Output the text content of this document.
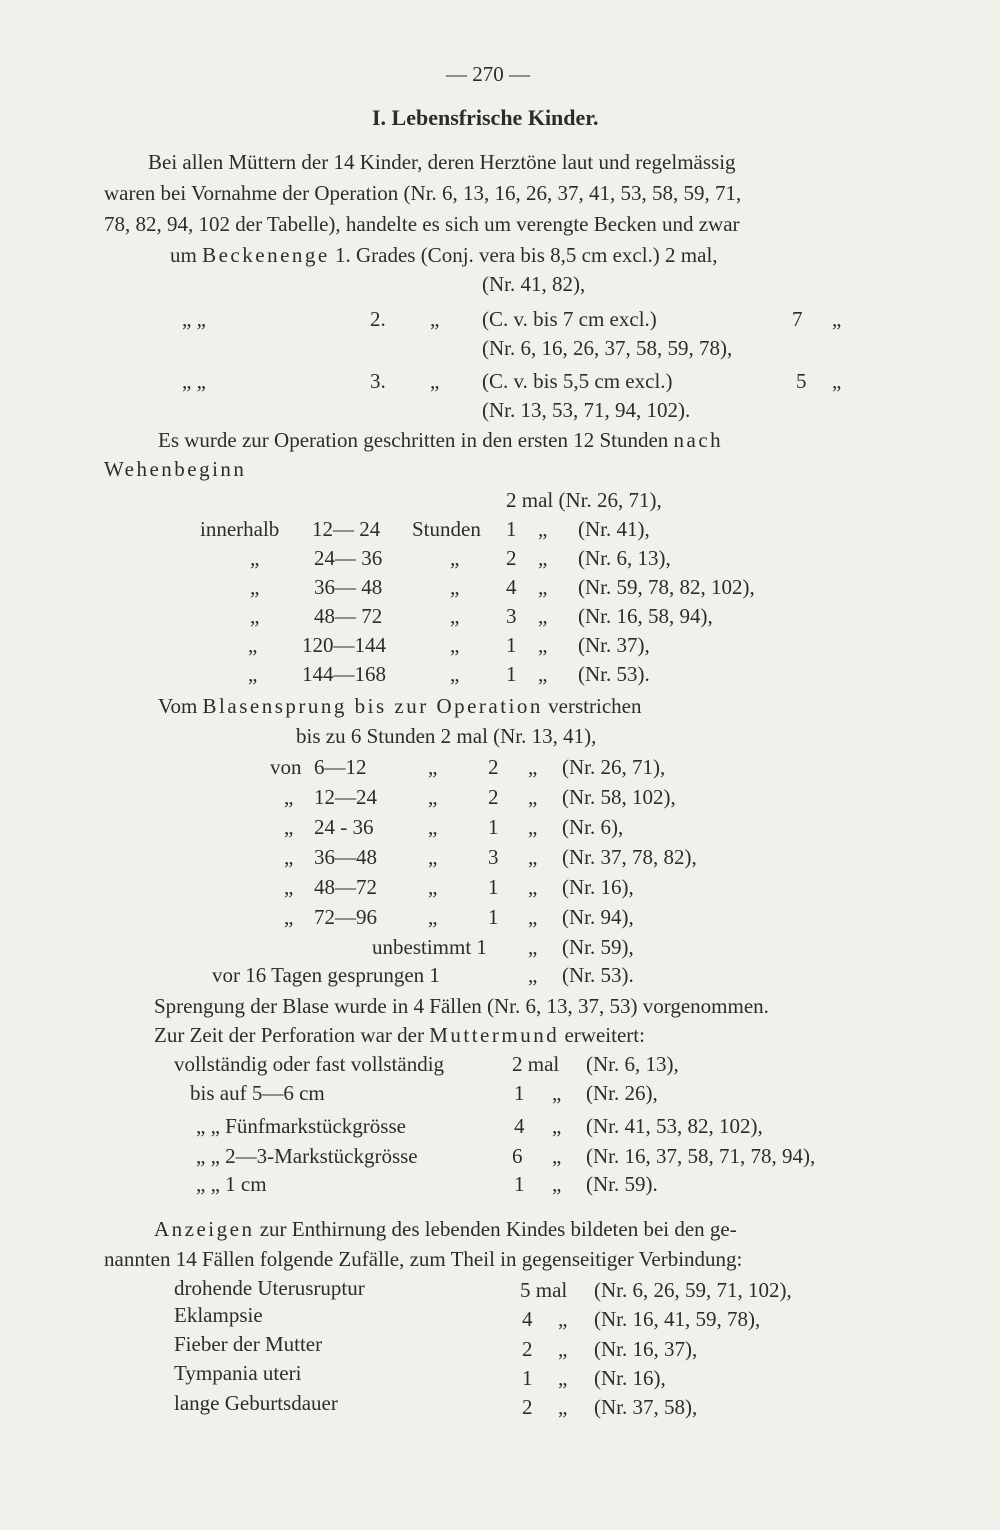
— 270 —
I. Lebensfrische Kinder.
Bei allen Müttern der 14 Kinder, deren Herztöne laut und regelmässig
waren bei Vornahme der Operation (Nr. 6, 13, 16, 26, 37, 41, 53, 58, 59, 71,
78, 82, 94, 102 der Tabelle), handelte es sich um verengte Becken und zwar
um Beckenenge 1. Grades (Conj. vera bis 8,5 cm excl.) 2 mal,
(Nr. 41, 82),
„ „	2. „ (C. v. bis 7 cm excl.)	7 „
(Nr. 6, 16, 26, 37, 58, 59, 78),
„ „	3. „ (C. v. bis 5,5 cm excl.)	5 „
(Nr. 13, 53, 71, 94, 102).
Es wurde zur Operation geschritten in den ersten 12 Stunden nach
Wehenbeginn
2 mal (Nr. 26, 71),
innerhalb 12— 24 Stunden 1 „ (Nr. 41),
„	24— 36	„ 2 „ (Nr. 6, 13),
„	36— 48	„ 4 „ (Nr. 59, 78, 82, 102),
„	48— 72	„ 3 „ (Nr. 16, 58, 94),
„ 120—144	„ 1 „ (Nr. 37),
„ 144—168	„ 1 „ (Nr. 53).
Vom Blasensprung bis zur Operation verstrichen
bis zu 6 Stunden 2 mal (Nr. 13, 41),
von 6—12	„ 2 „ (Nr. 26, 71),
„ 12—24 „ 2 „ (Nr. 58, 102),
„ 24 - 36	„ 1 „ (Nr. 6),
„ 36—48 „ 3 „ (Nr. 37, 78, 82),
„ 48—72 „ 1 „ (Nr. 16),
„ 72—96 „ 1 „ (Nr. 94),
unbestimmt 1 „ (Nr. 59),
vor 16 Tagen gesprungen 1	„ (Nr. 53).
Sprengung der Blase wurde in 4 Fällen (Nr. 6, 13, 37, 53) vorgenommen.
Zur Zeit der Perforation war der Muttermund erweitert:
vollständig oder fast vollständig	2 mal (Nr. 6, 13),
bis auf 5—6 cm	1 „ (Nr. 26),
„ „ Fünfmarkstückgrösse	4 „ (Nr. 41, 53, 82, 102),
„ „ 2—3-Markstückgrösse	6 „ (Nr. 16, 37, 58, 71, 78, 94),
„ „ 1 cm	1 „ (Nr. 59).
Anzeigen zur Enthirnung des lebenden Kindes bildeten bei den ge-
nannten 14 Fällen folgende Zufälle, zum Theil in gegenseitiger Verbindung:
drohende Uterusruptur	5 mal (Nr. 6, 26, 59, 71, 102),
Eklampsie	4 „ (Nr. 16, 41, 59, 78),
Fieber der Mutter	2 „ (Nr. 16, 37),
Tympania uteri	1 „ (Nr. 16),
lange Geburtsdauer	2 „ (Nr. 37, 58),
